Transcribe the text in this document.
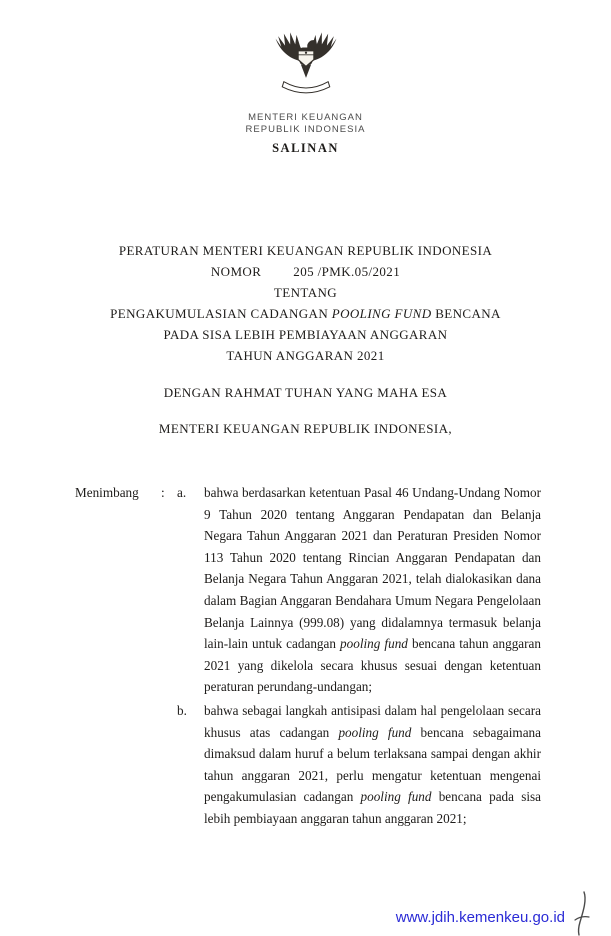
MENTERI KEUANGAN
REPUBLIK INDONESIA
SALINAN
PERATURAN MENTERI KEUANGAN REPUBLIK INDONESIA
NOMOR 205 /PMK.05/2021
TENTANG
PENGAKUMULASIAN CADANGAN POOLING FUND BENCANA
PADA SISA LEBIH PEMBIAYAAN ANGGARAN
TAHUN ANGGARAN 2021
DENGAN RAHMAT TUHAN YANG MAHA ESA
MENTERI KEUANGAN REPUBLIK INDONESIA,
Menimbang	: a.	bahwa berdasarkan ketentuan Pasal 46 Undang-Undang Nomor 9 Tahun 2020 tentang Anggaran Pendapatan dan Belanja Negara Tahun Anggaran 2021 dan Peraturan Presiden Nomor 113 Tahun 2020 tentang Rincian Anggaran Pendapatan dan Belanja Negara Tahun Anggaran 2021, telah dialokasikan dana dalam Bagian Anggaran Bendahara Umum Negara Pengelolaan Belanja Lainnya (999.08) yang didalamnya termasuk belanja lain-lain untuk cadangan pooling fund bencana tahun anggaran 2021 yang dikelola secara khusus sesuai dengan ketentuan peraturan perundang-undangan;
b.	bahwa sebagai langkah antisipasi dalam hal pengelolaan secara khusus atas cadangan pooling fund bencana sebagaimana dimaksud dalam huruf a belum terlaksana sampai dengan akhir tahun anggaran 2021, perlu mengatur ketentuan mengenai pengakumulasian cadangan pooling fund bencana pada sisa lebih pembiayaan anggaran tahun anggaran 2021;
www.jdih.kemenkeu.go.id
